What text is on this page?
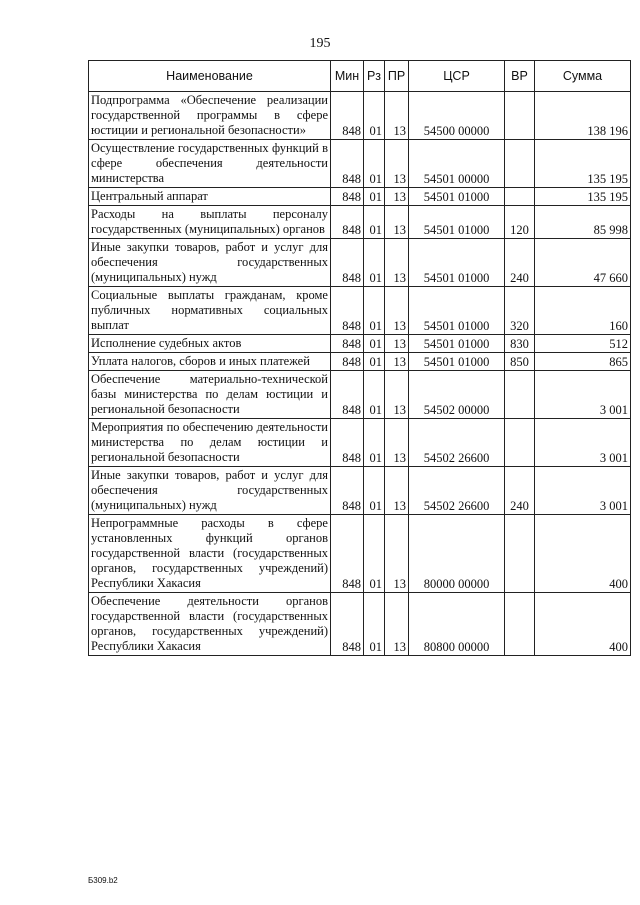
195
Наименование	Мин	Рз	ПР	ЦСР	ВР	Сумма
Подпрограмма «Обеспечение реализации государственной программы в сфере юстиции и региональной безопасности»	848	01	13	54500 00000		138 196
Осуществление государственных функций в сфере обеспечения деятельности министерства	848	01	13	54501 00000		135 195
Центральный аппарат	848	01	13	54501 01000		135 195
Расходы на выплаты персоналу государственных (муниципальных) органов	848	01	13	54501 01000	120	85 998
Иные закупки товаров, работ и услуг для обеспечения государственных (муниципальных) нужд	848	01	13	54501 01000	240	47 660
Социальные выплаты гражданам, кроме публичных нормативных социальных выплат	848	01	13	54501 01000	320	160
Исполнение судебных актов	848	01	13	54501 01000	830	512
Уплата налогов, сборов и иных платежей	848	01	13	54501 01000	850	865
Обеспечение материально-технической базы министерства по делам юстиции и региональной безопасности	848	01	13	54502 00000		3 001
Мероприятия по обеспечению деятельности министерства по делам юстиции и региональной безопасности	848	01	13	54502 26600		3 001
Иные закупки товаров, работ и услуг для обеспечения государственных (муниципальных) нужд	848	01	13	54502 26600	240	3 001
Непрограммные расходы в сфере установленных функций органов государственной власти (государственных органов, государственных учреждений) Республики Хакасия	848	01	13	80000 00000		400
Обеспечение деятельности органов государственной власти (государственных органов, государственных учреждений) Республики Хакасия	848	01	13	80800 00000		400
Б309.b2
